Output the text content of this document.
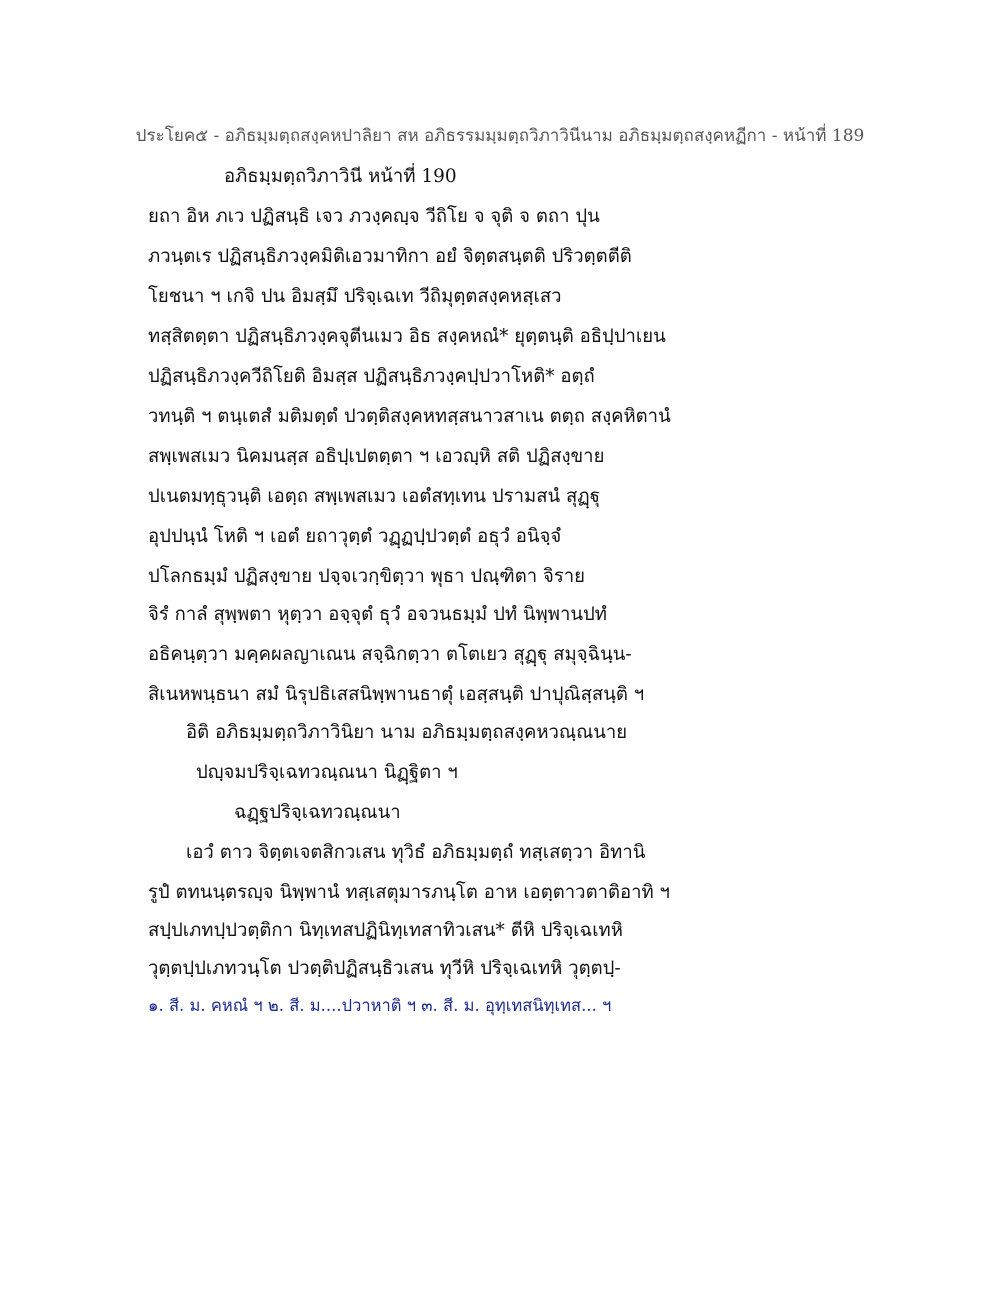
ประโยค๕ - อภิธมฺมตฺถสงฺคหปาลิยา สห อภิธรรมมฺมตฺถวิภาวินีนาม อภิธมฺมตฺถสงฺคหฏีกา - หน้าที่ 189
อภิธมฺมตฺถวิภาวินี หน้าที่ 190
ยถา อิห ภเว ปฏิสนฺธิ เจว ภวงฺคญฺจ วีถิโย จ จุติ จ ตถา ปุน
ภวนฺตเร ปฏิสนฺธิภวงฺคมิติเอวมาทิกา อยํ จิตฺตสนฺตติ ปริวตฺตตีติ
โยชนา ฯ เกจิ ปน อิมสฺมึ ปริจฺเฉเท วีถิมุตฺตสงฺคหสฺเสว
ทสฺสิตตฺตา ปฏิสนฺธิภวงฺคจุตีนเมว อิธ สงฺคหณํ* ยุตฺตนฺติ อธิปฺปาเยน
ปฏิสนฺธิภวงฺควีถิโยติ อิมสฺส ปฏิสนฺธิภวงฺคปฺปวาโหติ* อตฺถํ
วทนฺติ ฯ ตนฺเตสํ มติมตฺตํ ปวตฺติสงฺคหทสฺสนาวสาเน ตตฺถ สงฺคหิตานํ
สพฺเพสเมว นิคมนสฺส อธิปฺเปตตฺตา ฯ เอวญฺหิ สติ ปฏิสงฺขาย
ปเนตมทฺธุวนฺติ เอตฺถ สพฺเพสเมว เอตํสทฺเทน ปรามสนํ สุฏฺฐุ
อุปปนฺนํ โหติ ฯ เอตํ ยถาวุตฺตํ วฏฺฏปฺปวตฺตํ อธุวํ อนิจฺจํ
ปโลกธมฺมํ ปฏิสงฺขาย ปจฺจเวกฺขิตฺวา พุธา ปณฺฑิตา จิราย
จิรํ กาลํ สุพฺพตา หุตฺวา อจฺจุตํ ธุวํ อจวนธมฺมํ ปทํ นิพฺพานปทํ
อธิคนฺตฺวา มคฺคผลญาเณน สจฺฉิกตฺวา ตโตเยว สุฏฺฐุ สมุจฺฉินฺน-
สิเนหพนฺธนา สมํ นิรุปธิเสสนิพฺพานธาตุํ เอสฺสนฺติ ปาปุณิสฺสนฺติ ฯ
อิติ อภิธมฺมตฺถวิภาวินิยา นาม อภิธมฺมตฺถสงฺคหวณฺณนาย
ปญฺจมปริจฺเฉทวณฺณนา นิฏฺฐิตา ฯ
ฉฏฺฐปริจฺเฉทวณฺณนา
เอวํ ตาว จิตฺตเจตสิกวเสน ทุวิธํ อภิธมฺมตฺถํ ทสฺเสตฺวา อิทานิ
รูปํ ตทนนฺตรญฺจ นิพฺพานํ ทสฺเสตุมารภนฺโต อาห เอตฺตาวตาติอาทิ ฯ
สปฺปเภทปฺปวตฺติกา นิทฺเทสปฏินิทฺเทสาทิวเสน* ตีหิ ปริจฺเฉเทหิ
วุตฺตปฺปเภทวนฺโต ปวตฺติปฏิสนฺธิวเสน ทุวีหิ ปริจฺเฉเทหิ วุตฺตปฺ-
๑. สี. ม. คหณํ ฯ ๒. สี. ม....ปวาหาติ ฯ ๓. สี. ม. อุทฺเทสนิทฺเทส... ฯ
